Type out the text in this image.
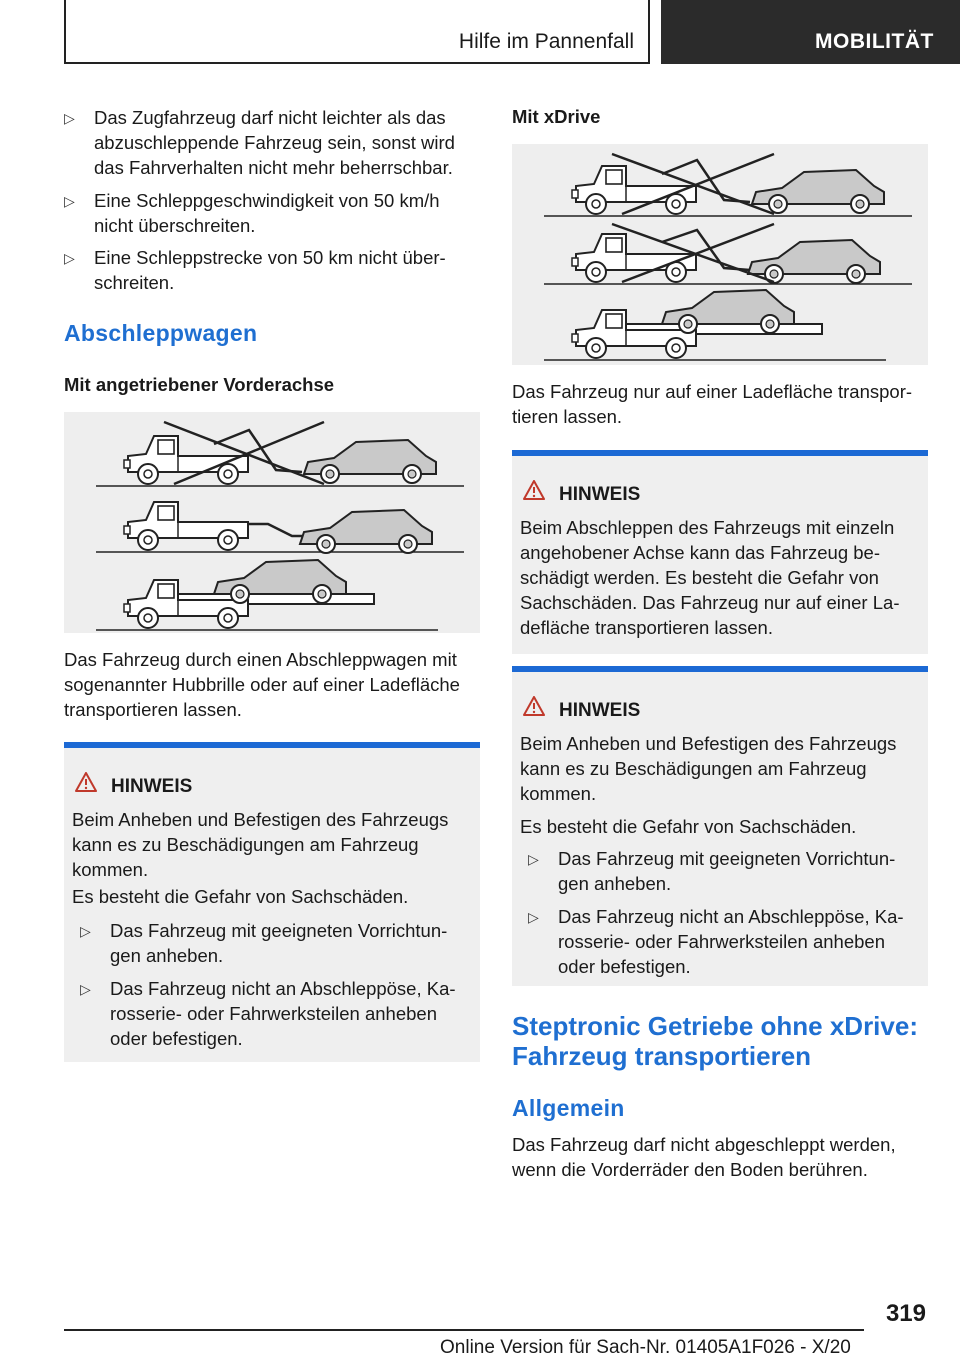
Hilfe im Pannenfall	MOBILITÄT
▷	Das Zugfahrzeug darf nicht leichter als das abzuschleppende Fahrzeug sein, sonst wird das Fahrverhalten nicht mehr beherrschbar.
▷	Eine Schleppgeschwindigkeit von 50 km/h nicht überschreiten.
▷	Eine Schleppstrecke von 50 km nicht über- schreiten.
Abschleppwagen
Mit angetriebener Vorderachse
Das Fahrzeug durch einen Abschleppwagen mit sogenannter Hubbrille oder auf einer Ladefläche transportieren lassen.
HINWEIS
Beim Anheben und Befestigen des Fahrzeugs kann es zu Beschädigungen am Fahrzeug kommen.
Es besteht die Gefahr von Sachschäden.
▷	Das Fahrzeug mit geeigneten Vorrichtun- gen anheben.
▷	Das Fahrzeug nicht an Abschleppöse, Ka- rosserie- oder Fahrwerksteilen anheben oder befestigen.
Mit xDrive
Das Fahrzeug nur auf einer Ladefläche transpor- tieren lassen.
HINWEIS
Beim Abschleppen des Fahrzeugs mit einzeln angehobener Achse kann das Fahrzeug be- schädigt werden. Es besteht die Gefahr von Sachschäden. Das Fahrzeug nur auf einer La- defläche transportieren lassen.
HINWEIS
Beim Anheben und Befestigen des Fahrzeugs kann es zu Beschädigungen am Fahrzeug kommen.
Es besteht die Gefahr von Sachschäden.
▷	Das Fahrzeug mit geeigneten Vorrichtun- gen anheben.
▷	Das Fahrzeug nicht an Abschleppöse, Ka- rosserie- oder Fahrwerksteilen anheben oder befestigen.
Steptronic Getriebe ohne xDrive: Fahrzeug transportieren
Allgemein
Das Fahrzeug darf nicht abgeschleppt werden, wenn die Vorderräder den Boden berühren.
319
Online Version für Sach-Nr. 01405A1F026 - X/20
